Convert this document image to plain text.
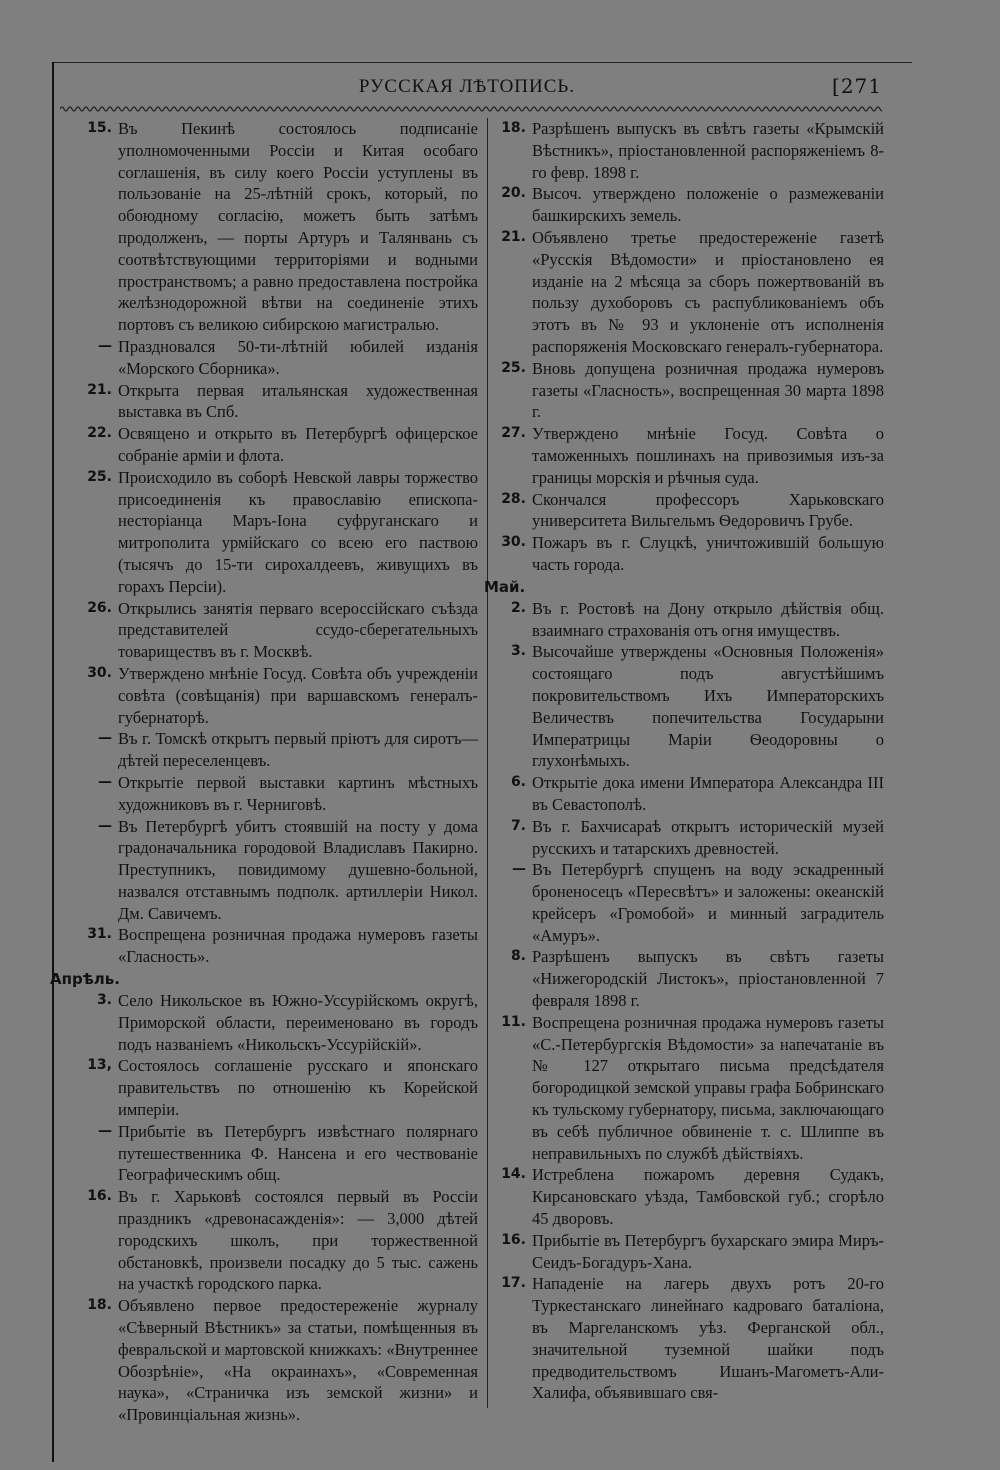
РУССКАЯ ЛѢТОПИСЬ.	[271
15. Въ Пекинѣ состоялось подписаніе уполномоченными Россіи и Китая особаго соглашенія, въ силу коего Россіи уступлены въ пользованіе на 25-лѣтній срокъ, который, по обоюдному согласію, можетъ быть затѣмъ продолженъ, — порты Артуръ и Талянвань съ соотвѣтствующими территоріями и водными пространствомъ; а равно предоставлена постройка желѣзнодорожной вѣтви на соединеніе этихъ портовъ съ великою сибирскою магистралью.
— Праздновался 50-ти-лѣтній юбилей изданія «Морского Сборника».
21. Открыта первая итальянская художественная выставка въ Спб.
22. Освящено и открыто въ Петербургѣ офицерское собраніе арміи и флота.
25. Происходило въ соборѣ Невской лавры торжество присоединенія къ православію епископа-несторіанца Маръ-Іона суфруганскаго и митрополита урмійскаго со всею его паствою (тысячъ до 15-ти сирохалдеевъ, живущихъ въ горахъ Персіи).
26. Открылись занятія перваго всероссійскаго съѣзда представителей ссудо-сберегательныхъ товариществъ въ г. Москвѣ.
30. Утверждено мнѣніе Госуд. Совѣта объ учрежденіи совѣта (совѣщанія) при варшавскомъ генералъ-губернаторѣ.
— Въ г. Томскѣ открытъ первый пріютъ для сиротъ—дѣтей переселенцевъ.
— Открытіе первой выставки картинъ мѣстныхъ художниковъ въ г. Черниговѣ.
— Въ Петербургѣ убитъ стоявшій на посту у дома градоначальника городовой Владиславъ Пакирно. Преступникъ, повидимому душевно-больной, назвался отставнымъ подполк. артиллеріи Никол. Дм. Савичемъ.
31. Воспрещена розничная продажа нумеровъ газеты «Гласность».
Апрѣль.
3. Село Никольское въ Южно-Уссурійскомъ округѣ, Приморской области, переименовано въ городъ подъ названіемъ «Никольскъ-Уссурійскій».
13, Состоялось соглашеніе русскаго и японскаго правительствъ по отношенію къ Корейской имперіи.
— Прибытіе въ Петербургъ извѣстнаго полярнаго путешественника Ф. Нансена и его чествованіе Географическимъ общ.
16. Въ г. Харьковѣ состоялся первый въ Россіи праздникъ «древонасажденія»: — 3,000 дѣтей городскихъ школъ, при торжественной обстановкѣ, произвели посадку до 5 тыс. сажень на участкѣ городского парка.
18. Объявлено первое предостереженіе журналу «Сѣверный Вѣстникъ» за статьи, помѣщенныя въ февральской и мартовской книжкахъ: «Внутреннее Обозрѣніе», «На окраинахъ», «Современная наука», «Страничка изъ земской жизни» и «Провинціальная жизнь».
18. Разрѣшенъ выпускъ въ свѣтъ газеты «Крымскій Вѣстникъ», пріостановленной распоряженіемъ 8-го февр. 1898 г.
20. Высоч. утверждено положеніе о размежеваніи башкирскихъ земель.
21. Объявлено третье предостереженіе газетѣ «Русскія Вѣдомости» и пріостановлено ея изданіе на 2 мѣсяца за сборъ пожертвованій въ пользу духоборовъ съ распубликованіемъ объ этотъ въ № 93 и уклоненіе отъ исполненія распоряженія Московскаго генералъ-губернатора.
25. Вновь допущена розничная продажа нумеровъ газеты «Гласность», воспрещенная 30 марта 1898 г.
27. Утверждено мнѣніе Госуд. Совѣта о таможенныхъ пошлинахъ на привозимыя изъ-за границы морскія и рѣчныя суда.
28. Скончался профессоръ Харьковскаго университета Вильгельмъ Ѳедоровичъ Грубе.
30. Пожаръ въ г. Слуцкѣ, уничтожившій большую часть города.
Май.
2. Въ г. Ростовѣ на Дону открыло дѣйствія общ. взаимнаго страхованія отъ огня имуществъ.
3. Высочайше утверждены «Основныя Положенія» состоящаго подъ августѣйшимъ покровительствомъ Ихъ Императорскихъ Величествъ попечительства Государыни Императрицы Маріи Ѳеодоровны о глухонѣмыхъ.
6. Открытіе дока имени Императора Александра III въ Севастополѣ.
7. Въ г. Бахчисараѣ открытъ историческій музей русскихъ и татарскихъ древностей.
— Въ Петербургѣ спущенъ на воду эскадренный броненосецъ «Пересвѣтъ» и заложены: океанскій крейсеръ «Громобой» и минный заградитель «Амуръ».
8. Разрѣшенъ выпускъ въ свѣтъ газеты «Нижегородскій Листокъ», пріостановленной 7 февраля 1898 г.
11. Воспрещена розничная продажа нумеровъ газеты «С.-Петербургскія Вѣдомости» за напечатаніе въ № 127 открытаго письма предсѣдателя богородицкой земской управы графа Бобринскаго къ тульскому губернатору, письма, заключающаго въ себѣ публичное обвиненіе т. с. Шлиппе въ неправильныхъ по службѣ дѣйствіяхъ.
14. Истреблена пожаромъ деревня Судакъ, Кирсановскаго уѣзда, Тамбовской губ.; сгорѣло 45 дворовъ.
16. Прибытіе въ Петербургъ бухарскаго эмира Миръ-Сеидъ-Богадуръ-Хана.
17. Нападеніе на лагерь двухъ ротъ 20-го Туркестанскаго линейнаго кадроваго баталіона, въ Маргеланскомъ уѣз. Ферганской обл., значительной туземной шайки подъ предводительствомъ Ишанъ-Магометъ-Али-Халифа, объявившаго свя-
